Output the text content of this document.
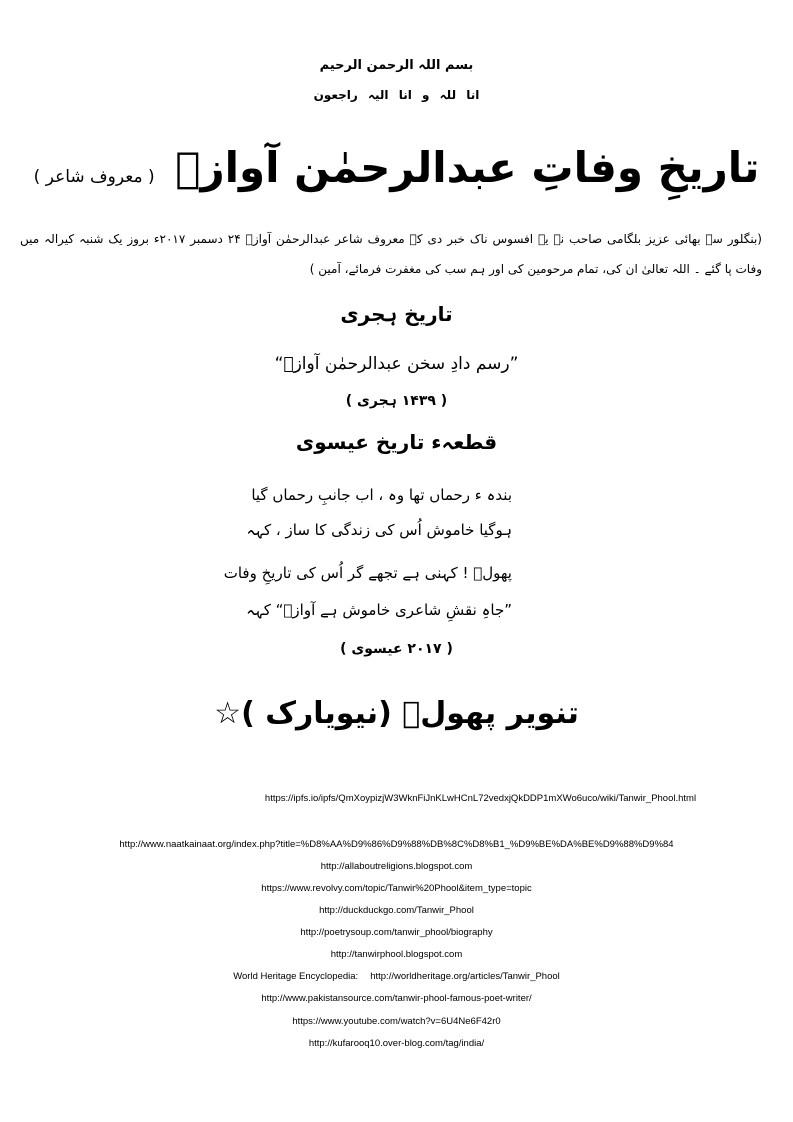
بسم اللہ الرحمن الرحیم
انا للہ و انا الیہ راجعون
تاریخِ وفاتِ عبدالرحمٰن آوازؔ ( معروف شاعر )
(بنگلور سے بھائی عزیز بلگامی صاحب نے یہ افسوس ناک خبر دی کہ معروف شاعر عبدالرحمٰن آوازؔ ۲۴ دسمبر ۲۰۱۷ء بروز یک شنبہ کیرالہ میں وفات پا گئے ۔ اللہ تعالیٰ ان کی، تمام مرحومین کی اور ہم سب کی مغفرت فرمائے، آمین )
تاریخ ہجری
”رسم دادِ سخن عبدالرحمٰن آوازؔ“
( ۱۴۳۹ ہجری )
قطعہء تاریخ عیسوی
بندہ ء رحماں تھا وہ ، اب جانبِ رحماں گیا
ہوگیا خاموش اُس کی زندگی کا ساز ، کہہ
پھولؔ ! کہنی ہے تجھے گر اُس کی تاریخِ وفات
”جاہِ نقشِ شاعری خاموش ہے آوازؔ“ کہہ
( ۲۰۱۷ عیسوی )
تنویر پھولؔ (نیویارک )☆
https://ipfs.io/ipfs/QmXoypizjW3WknFiJnKLwHCnL72vedxjQkDDP1mXWo6uco/wiki/Tanwir_Phool.html
http://www.naatkainaat.org/index.php?title=%D8%AA%D9%86%D9%88%DB%8C%D8%B1_%D9%BE%DA%BE%D9%88%D9%84
http://allaboutreligions.blogspot.com
https://www.revolvy.com/topic/Tanwir%20Phool&item_type=topic
http://duckduckgo.com/Tanwir_Phool
http://poetrysoup.com/tanwir_phool/biography
http://tanwirphool.blogspot.com
World Heritage Encyclopedia: http://worldheritage.org/articles/Tanwir_Phool
http://www.pakistansource.com/tanwir-phool-famous-poet-writer/
https://www.youtube.com/watch?v=6U4Ne6F42r0
http://kufarooq10.over-blog.com/tag/india/
